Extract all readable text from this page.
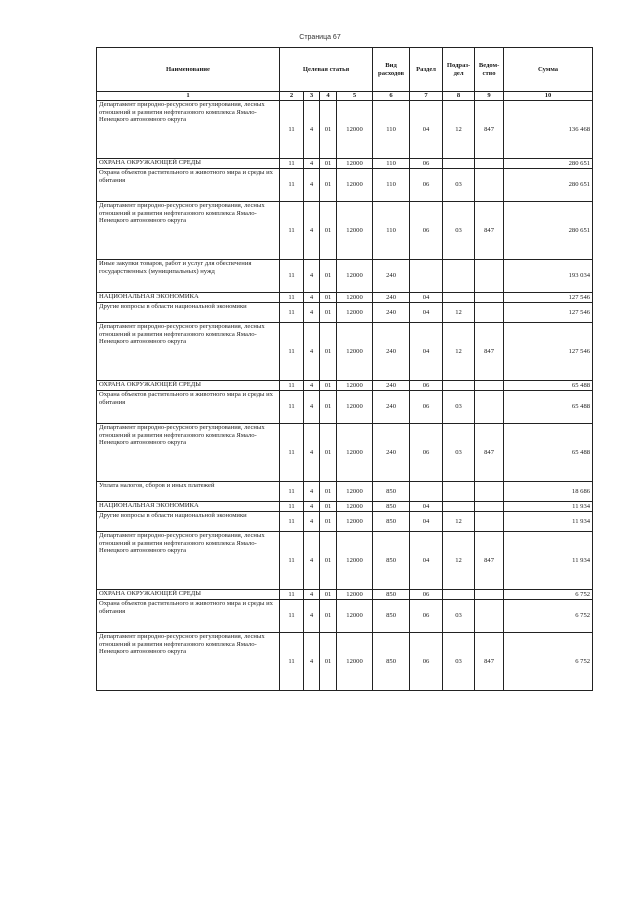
Страница 67
Наименование	Целевая статья				Вид расходов	Раздел	Подраз-дел	Ведом-ство	Сумма
1	2	3	4	5	6	7	8	9	10
Департамент природно-ресурсного регулирования, лесных отношений и развития нефтегазового комплекса Ямало-Ненецкого автономного округа	11	4	01	12000	110	04	12	847	136 468
ОХРАНА ОКРУЖАЮЩЕЙ СРЕДЫ	11	4	01	12000	110	06			280 651
Охрана объектов растительного и животного мира и среды их обитания	11	4	01	12000	110	06	03		280 651
Департамент природно-ресурсного регулирования, лесных отношений и развития нефтегазового комплекса Ямало-Ненецкого автономного округа	11	4	01	12000	110	06	03	847	280 651
Иные закупки товаров, работ и услуг для обеспечения государственных (муниципальных) нужд	11	4	01	12000	240				193 034
НАЦИОНАЛЬНАЯ ЭКОНОМИКА	11	4	01	12000	240	04			127 546
Другие вопросы в области национальной экономики	11	4	01	12000	240	04	12		127 546
Департамент природно-ресурсного регулирования, лесных отношений и развития нефтегазового комплекса Ямало-Ненецкого автономного округа	11	4	01	12000	240	04	12	847	127 546
ОХРАНА ОКРУЖАЮЩЕЙ СРЕДЫ	11	4	01	12000	240	06			65 488
Охрана объектов растительного и животного мира и среды их обитания	11	4	01	12000	240	06	03		65 488
Департамент природно-ресурсного регулирования, лесных отношений и развития нефтегазового комплекса Ямало-Ненецкого автономного округа	11	4	01	12000	240	06	03	847	65 488
Уплата налогов, сборов и иных платежей	11	4	01	12000	850				18 686
НАЦИОНАЛЬНАЯ ЭКОНОМИКА	11	4	01	12000	850	04			11 934
Другие вопросы в области национальной экономики	11	4	01	12000	850	04	12		11 934
Департамент природно-ресурсного регулирования, лесных отношений и развития нефтегазового комплекса Ямало-Ненецкого автономного округа	11	4	01	12000	850	04	12	847	11 934
ОХРАНА ОКРУЖАЮЩЕЙ СРЕДЫ	11	4	01	12000	850	06			6 752
Охрана объектов растительного и животного мира и среды их обитания	11	4	01	12000	850	06	03		6 752
Департамент природно-ресурсного регулирования, лесных отношений и развития нефтегазового комплекса Ямало-Ненецкого автономного округа	11	4	01	12000	850	06	03	847	6 752
